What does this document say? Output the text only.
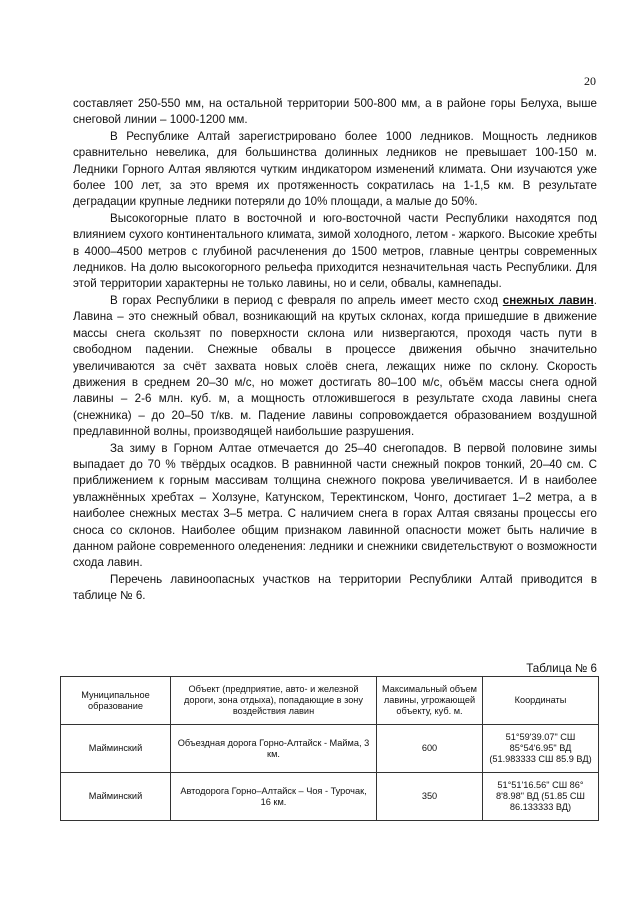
20

составляет 250-550 мм, на остальной территории 500-800 мм, а в районе горы Белуха, выше снеговой линии – 1000-1200 мм.

В Республике Алтай зарегистрировано более 1000 ледников. Мощность ледников сравнительно невелика, для большинства долинных ледников не превышает 100-150 м. Ледники Горного Алтая являются чутким индикатором изменений климата. Они изучаются уже более 100 лет, за это время их протяженность сократилась на 1-1,5 км. В результате деградации крупные ледники потеряли до 10% площади, а малые до 50%.

Высокогорные плато в восточной и юго-восточной части Республики находятся под влиянием сухого континентального климата, зимой холодного, летом - жаркого. Высокие хребты в 4000–4500 метров с глубиной расчленения до 1500 метров, главные центры современных ледников. На долю высокогорного рельефа приходится незначительная часть Республики. Для этой территории характерны не только лавины, но и сели, обвалы, камнепады.

В горах Республики в период с февраля по апрель имеет место сход снежных лавин. Лавина – это снежный обвал, возникающий на крутых склонах, когда пришедшие в движение массы снега скользят по поверхности склона или низвергаются, проходя часть пути в свободном падении. Снежные обвалы в процессе движения обычно значительно увеличиваются за счёт захвата новых слоёв снега, лежащих ниже по склону. Скорость движения в среднем 20–30 м/с, но может достигать 80–100 м/с, объём массы снега одной лавины – 2-6 млн. куб. м, а мощность отложившегося в результате схода лавины снега (снежника) – до 20–50 т/кв. м. Падение лавины сопровождается образованием воздушной предлавинной волны, производящей наибольшие разрушения.

За зиму в Горном Алтае отмечается до 25–40 снегопадов. В первой половине зимы выпадает до 70 % твёрдых осадков. В равнинной части снежный покров тонкий, 20–40 см. С приближением к горным массивам толщина снежного покрова увеличивается. И в наиболее увлажнённых хребтах – Холзуне, Катунском, Теректинском, Чонго, достигает 1–2 метра, а в наиболее снежных местах 3–5 метра. С наличием снега в горах Алтая связаны процессы его сноса со склонов. Наиболее общим признаком лавинной опасности может быть наличие в данном районе современного оледенения: ледники и снежники свидетельствуют о возможности схода лавин.

Перечень лавиноопасных участков на территории Республики Алтай приводится в таблице № 6.

Таблица № 6
Муниципальное образование	Объект (предприятие, авто- и железной дороги, зона отдыха), попадающие в зону воздействия лавин	Максимальный объем лавины, угрожающей объекту, куб. м.	Координаты
Майминский	Объездная дорога Горно-Алтайск - Майма, 3 км.	600	51°59'39.07" СШ 85°54'6.95" ВД (51.983333 СШ 85.9 ВД)
Майминский	Автодорога Горно–Алтайск – Чоя - Турочак, 16 км.	350	51°51'16.56" СШ 86° 8'8.98" ВД (51.85 СШ 86.133333 ВД)
